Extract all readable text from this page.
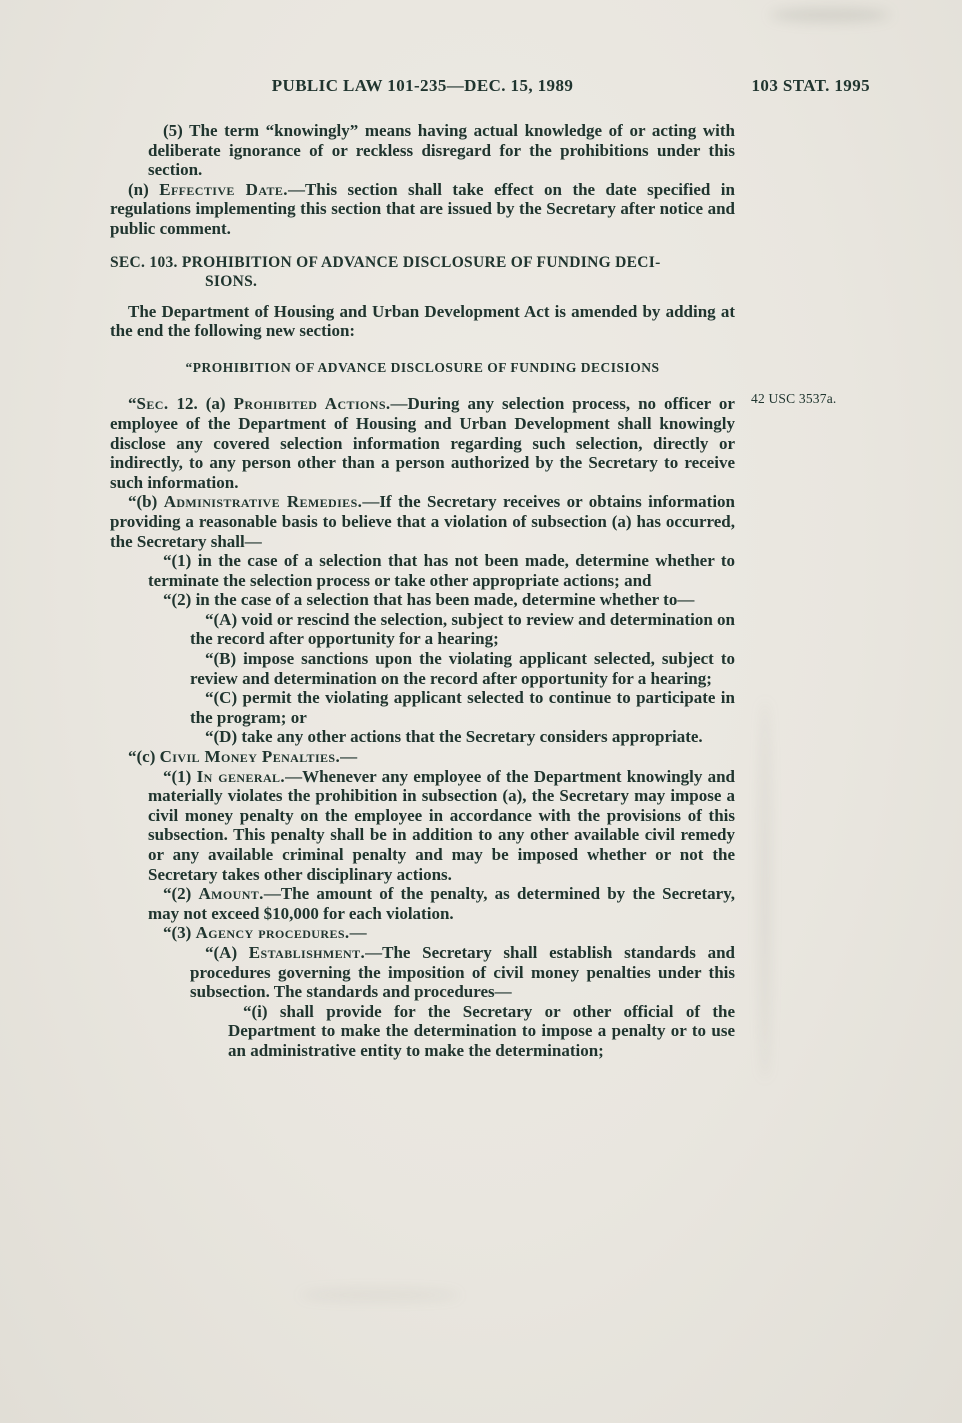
PUBLIC LAW 101-235—DEC. 15, 1989	103 STAT. 1995
42 USC 3537a.

(5) The term “knowingly” means having actual knowledge of or acting with deliberate ignorance of or reckless disregard for the prohibitions under this section.

(n) Effective Date.—This section shall take effect on the date specified in regulations implementing this section that are issued by the Secretary after notice and public comment.

SEC. 103. PROHIBITION OF ADVANCE DISCLOSURE OF FUNDING DECI-
SIONS.

The Department of Housing and Urban Development Act is amended by adding at the end the following new section:

“PROHIBITION OF ADVANCE DISCLOSURE OF FUNDING DECISIONS

“Sec. 12. (a) Prohibited Actions.—During any selection process, no officer or employee of the Department of Housing and Urban Development shall knowingly disclose any covered selection information regarding such selection, directly or indirectly, to any person other than a person authorized by the Secretary to receive such information.

“(b) Administrative Remedies.—If the Secretary receives or obtains information providing a reasonable basis to believe that a violation of subsection (a) has occurred, the Secretary shall—

“(1) in the case of a selection that has not been made, determine whether to terminate the selection process or take other appropriate actions; and

“(2) in the case of a selection that has been made, determine whether to—

“(A) void or rescind the selection, subject to review and determination on the record after opportunity for a hearing;

“(B) impose sanctions upon the violating applicant selected, subject to review and determination on the record after opportunity for a hearing;

“(C) permit the violating applicant selected to continue to participate in the program; or

“(D) take any other actions that the Secretary considers appropriate.

“(c) Civil Money Penalties.—

“(1) In general.—Whenever any employee of the Department knowingly and materially violates the prohibition in subsection (a), the Secretary may impose a civil money penalty on the employee in accordance with the provisions of this subsection. This penalty shall be in addition to any other available civil remedy or any available criminal penalty and may be imposed whether or not the Secretary takes other disciplinary actions.

“(2) Amount.—The amount of the penalty, as determined by the Secretary, may not exceed $10,000 for each violation.

“(3) Agency procedures.—

“(A) Establishment.—The Secretary shall establish standards and procedures governing the imposition of civil money penalties under this subsection. The standards and procedures—

“(i) shall provide for the Secretary or other official of the Department to make the determination to impose a penalty or to use an administrative entity to make the determination;
